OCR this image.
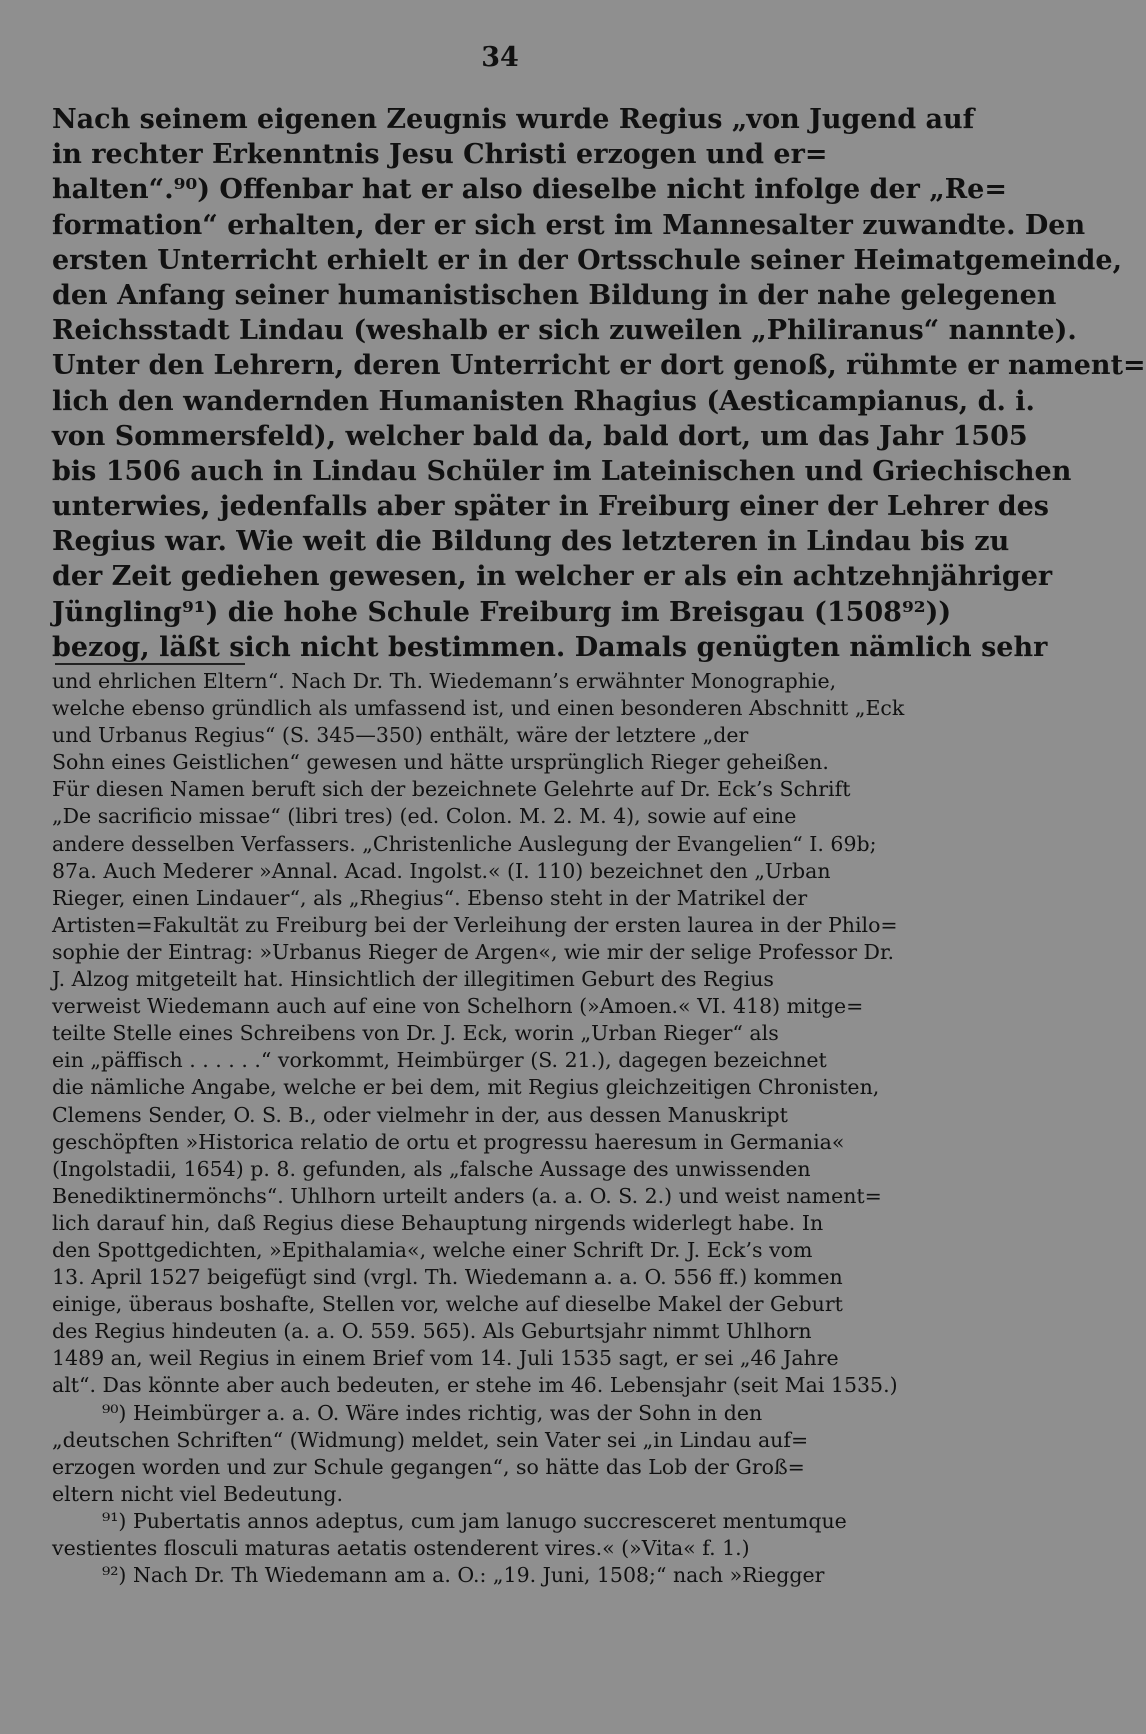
34
Nach seinem eigenen Zeugnis wurde Regius „von Jugend auf
in rechter Erkenntnis Jesu Christi erzogen und er=
halten“.⁹⁰) Offenbar hat er also dieselbe nicht infolge der „Re=
formation“ erhalten, der er sich erst im Mannesalter zuwandte. Den
ersten Unterricht erhielt er in der Ortsschule seiner Heimatgemeinde,
den Anfang seiner humanistischen Bildung in der nahe gelegenen
Reichsstadt Lindau (weshalb er sich zuweilen „Philiranus“ nannte).
Unter den Lehrern, deren Unterricht er dort genoß, rühmte er nament=
lich den wandernden Humanisten Rhagius (Aesticampianus, d. i.
von Sommersfeld), welcher bald da, bald dort, um das Jahr 1505
bis 1506 auch in Lindau Schüler im Lateinischen und Griechischen
unterwies, jedenfalls aber später in Freiburg einer der Lehrer des
Regius war. Wie weit die Bildung des letzteren in Lindau bis zu
der Zeit gediehen gewesen, in welcher er als ein achtzehnjähriger
Jüngling⁹¹) die hohe Schule Freiburg im Breisgau (1508⁹²))
bezog, läßt sich nicht bestimmen. Damals genügten nämlich sehr
und ehrlichen Eltern“. Nach Dr. Th. Wiedemann’s erwähnter Monographie,
welche ebenso gründlich als umfassend ist, und einen besonderen Abschnitt „Eck
und Urbanus Regius“ (S. 345—350) enthält, wäre der letztere „der
Sohn eines Geistlichen“ gewesen und hätte ursprünglich Rieger geheißen.
Für diesen Namen beruft sich der bezeichnete Gelehrte auf Dr. Eck’s Schrift
„De sacrificio missae“ (libri tres) (ed. Colon. M. 2. M. 4), sowie auf eine
andere desselben Verfassers. „Christenliche Auslegung der Evangelien“ I. 69b;
87a. Auch Mederer »Annal. Acad. Ingolst.« (I. 110) bezeichnet den „Urban
Rieger, einen Lindauer“, als „Rhegius“. Ebenso steht in der Matrikel der
Artisten=Fakultät zu Freiburg bei der Verleihung der ersten laurea in der Philo=
sophie der Eintrag: »Urbanus Rieger de Argen«, wie mir der selige Professor Dr.
J. Alzog mitgeteilt hat. Hinsichtlich der illegitimen Geburt des Regius
verweist Wiedemann auch auf eine von Schelhorn (»Amoen.« VI. 418) mitge=
teilte Stelle eines Schreibens von Dr. J. Eck, worin „Urban Rieger“ als
ein „päffisch . . . . . .“ vorkommt, Heimbürger (S. 21.), dagegen bezeichnet
die nämliche Angabe, welche er bei dem, mit Regius gleichzeitigen Chronisten,
Clemens Sender, O. S. B., oder vielmehr in der, aus dessen Manuskript
geschöpften »Historica relatio de ortu et progressu haeresum in Germania«
(Ingolstadii, 1654) p. 8. gefunden, als „falsche Aussage des unwissenden
Benediktinermönchs“. Uhlhorn urteilt anders (a. a. O. S. 2.) und weist nament=
lich darauf hin, daß Regius diese Behauptung nirgends widerlegt habe. In
den Spottgedichten, »Epithalamia«, welche einer Schrift Dr. J. Eck’s vom
13. April 1527 beigefügt sind (vrgl. Th. Wiedemann a. a. O. 556 ff.) kommen
einige, überaus boshafte, Stellen vor, welche auf dieselbe Makel der Geburt
des Regius hindeuten (a. a. O. 559. 565). Als Geburtsjahr nimmt Uhlhorn
1489 an, weil Regius in einem Brief vom 14. Juli 1535 sagt, er sei „46 Jahre
alt“. Das könnte aber auch bedeuten, er stehe im 46. Lebensjahr (seit Mai 1535.)
⁹⁰) Heimbürger a. a. O. Wäre indes richtig, was der Sohn in den
„deutschen Schriften“ (Widmung) meldet, sein Vater sei „in Lindau auf=
erzogen worden und zur Schule gegangen“, so hätte das Lob der Groß=
eltern nicht viel Bedeutung.
⁹¹) Pubertatis annos adeptus, cum jam lanugo succresceret mentumque
vestientes flosculi maturas aetatis ostenderent vires.« (»Vita« f. 1.)
⁹²) Nach Dr. Th Wiedemann am a. O.: „19. Juni, 1508;“ nach »Riegger
